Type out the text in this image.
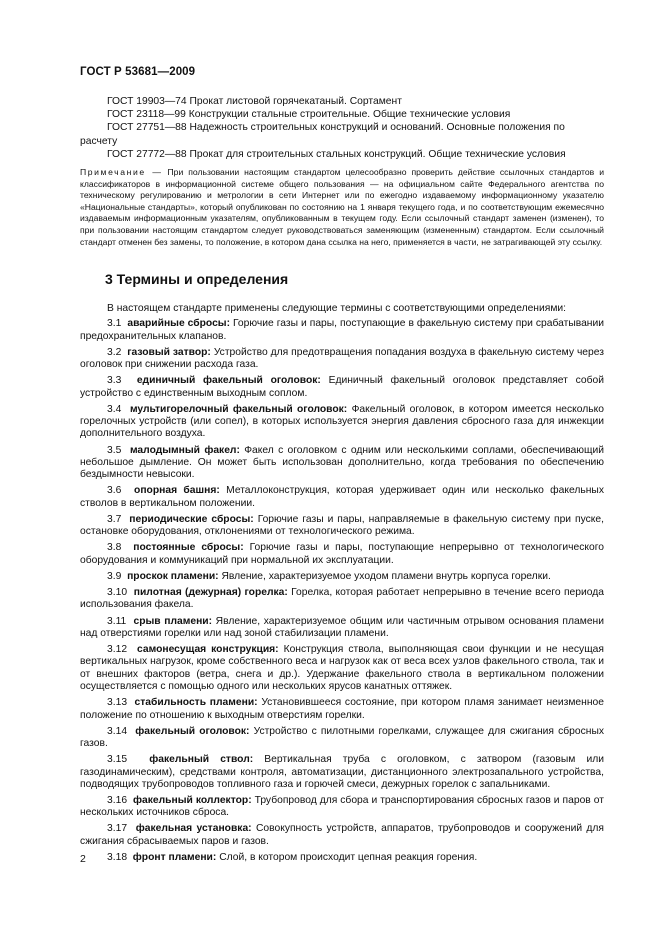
ГОСТ Р 53681—2009
ГОСТ 19903—74 Прокат листовой горячекатаный. Сортамент
ГОСТ 23118—99 Конструкции стальные строительные. Общие технические условия
ГОСТ 27751—88 Надежность строительных конструкций и оснований. Основные положения по расчету
ГОСТ 27772—88 Прокат для строительных стальных конструкций. Общие технические условия
Примечание — При пользовании настоящим стандартом целесообразно проверить действие ссылочных стандартов и классификаторов в информационной системе общего пользования — на официальном сайте Федерального агентства по техническому регулированию и метрологии в сети Интернет или по ежегодно издаваемому информационному указателю «Национальные стандарты», который опубликован по состоянию на 1 января текущего года, и по соответствующим ежемесячно издаваемым информационным указателям, опубликованным в текущем году. Если ссылочный стандарт заменен (изменен), то при пользовании настоящим стандартом следует руководствоваться заменяющим (измененным) стандартом. Если ссылочный стандарт отменен без замены, то положение, в котором дана ссылка на него, применяется в части, не затрагивающей эту ссылку.
3 Термины и определения

В настоящем стандарте применены следующие термины с соответствующими определениями:

3.1 аварийные сбросы: Горючие газы и пары, поступающие в факельную систему при срабатывании предохранительных клапанов.

3.2 газовый затвор: Устройство для предотвращения попадания воздуха в факельную систему через оголовок при снижении расхода газа.

3.3 единичный факельный оголовок: Единичный факельный оголовок представляет собой устройство с единственным выходным соплом.

3.4 мультигорелочный факельный оголовок: Факельный оголовок, в котором имеется несколько горелочных устройств (или сопел), в которых используется энергия давления сбросного газа для инжекции дополнительного воздуха.

3.5 малодымный факел: Факел с оголовком с одним или несколькими соплами, обеспечивающий небольшое дымление. Он может быть использован дополнительно, когда требования по обеспечению бездымности невысоки.

3.6 опорная башня: Металлоконструкция, которая удерживает один или несколько факельных стволов в вертикальном положении.

3.7 периодические сбросы: Горючие газы и пары, направляемые в факельную систему при пуске, остановке оборудования, отклонениями от технологического режима.

3.8 постоянные сбросы: Горючие газы и пары, поступающие непрерывно от технологического оборудования и коммуникаций при нормальной их эксплуатации.

3.9 проскок пламени: Явление, характеризуемое уходом пламени внутрь корпуса горелки.

3.10 пилотная (дежурная) горелка: Горелка, которая работает непрерывно в течение всего периода использования факела.

3.11 срыв пламени: Явление, характеризуемое общим или частичным отрывом основания пламени над отверстиями горелки или над зоной стабилизации пламени.

3.12 самонесущая конструкция: Конструкция ствола, выполняющая свои функции и не несущая вертикальных нагрузок, кроме собственного веса и нагрузок как от веса всех узлов факельного ствола, так и от внешних факторов (ветра, снега и др.). Удержание факельного ствола в вертикальном положении осуществляется с помощью одного или нескольких ярусов канатных оттяжек.

3.13 стабильность пламени: Установившееся состояние, при котором пламя занимает неизменное положение по отношению к выходным отверстиям горелки.

3.14 факельный оголовок: Устройство с пилотными горелками, служащее для сжигания сбросных газов.

3.15 факельный ствол: Вертикальная труба с оголовком, с затвором (газовым или газодинамическим), средствами контроля, автоматизации, дистанционного электрозапального устройства, подводящих трубопроводов топливного газа и горючей смеси, дежурных горелок с запальниками.

3.16 факельный коллектор: Трубопровод для сбора и транспортирования сбросных газов и паров от нескольких источников сброса.

3.17 факельная установка: Совокупность устройств, аппаратов, трубопроводов и сооружений для сжигания сбрасываемых паров и газов.

3.18 фронт пламени: Слой, в котором происходит цепная реакция горения.

2
